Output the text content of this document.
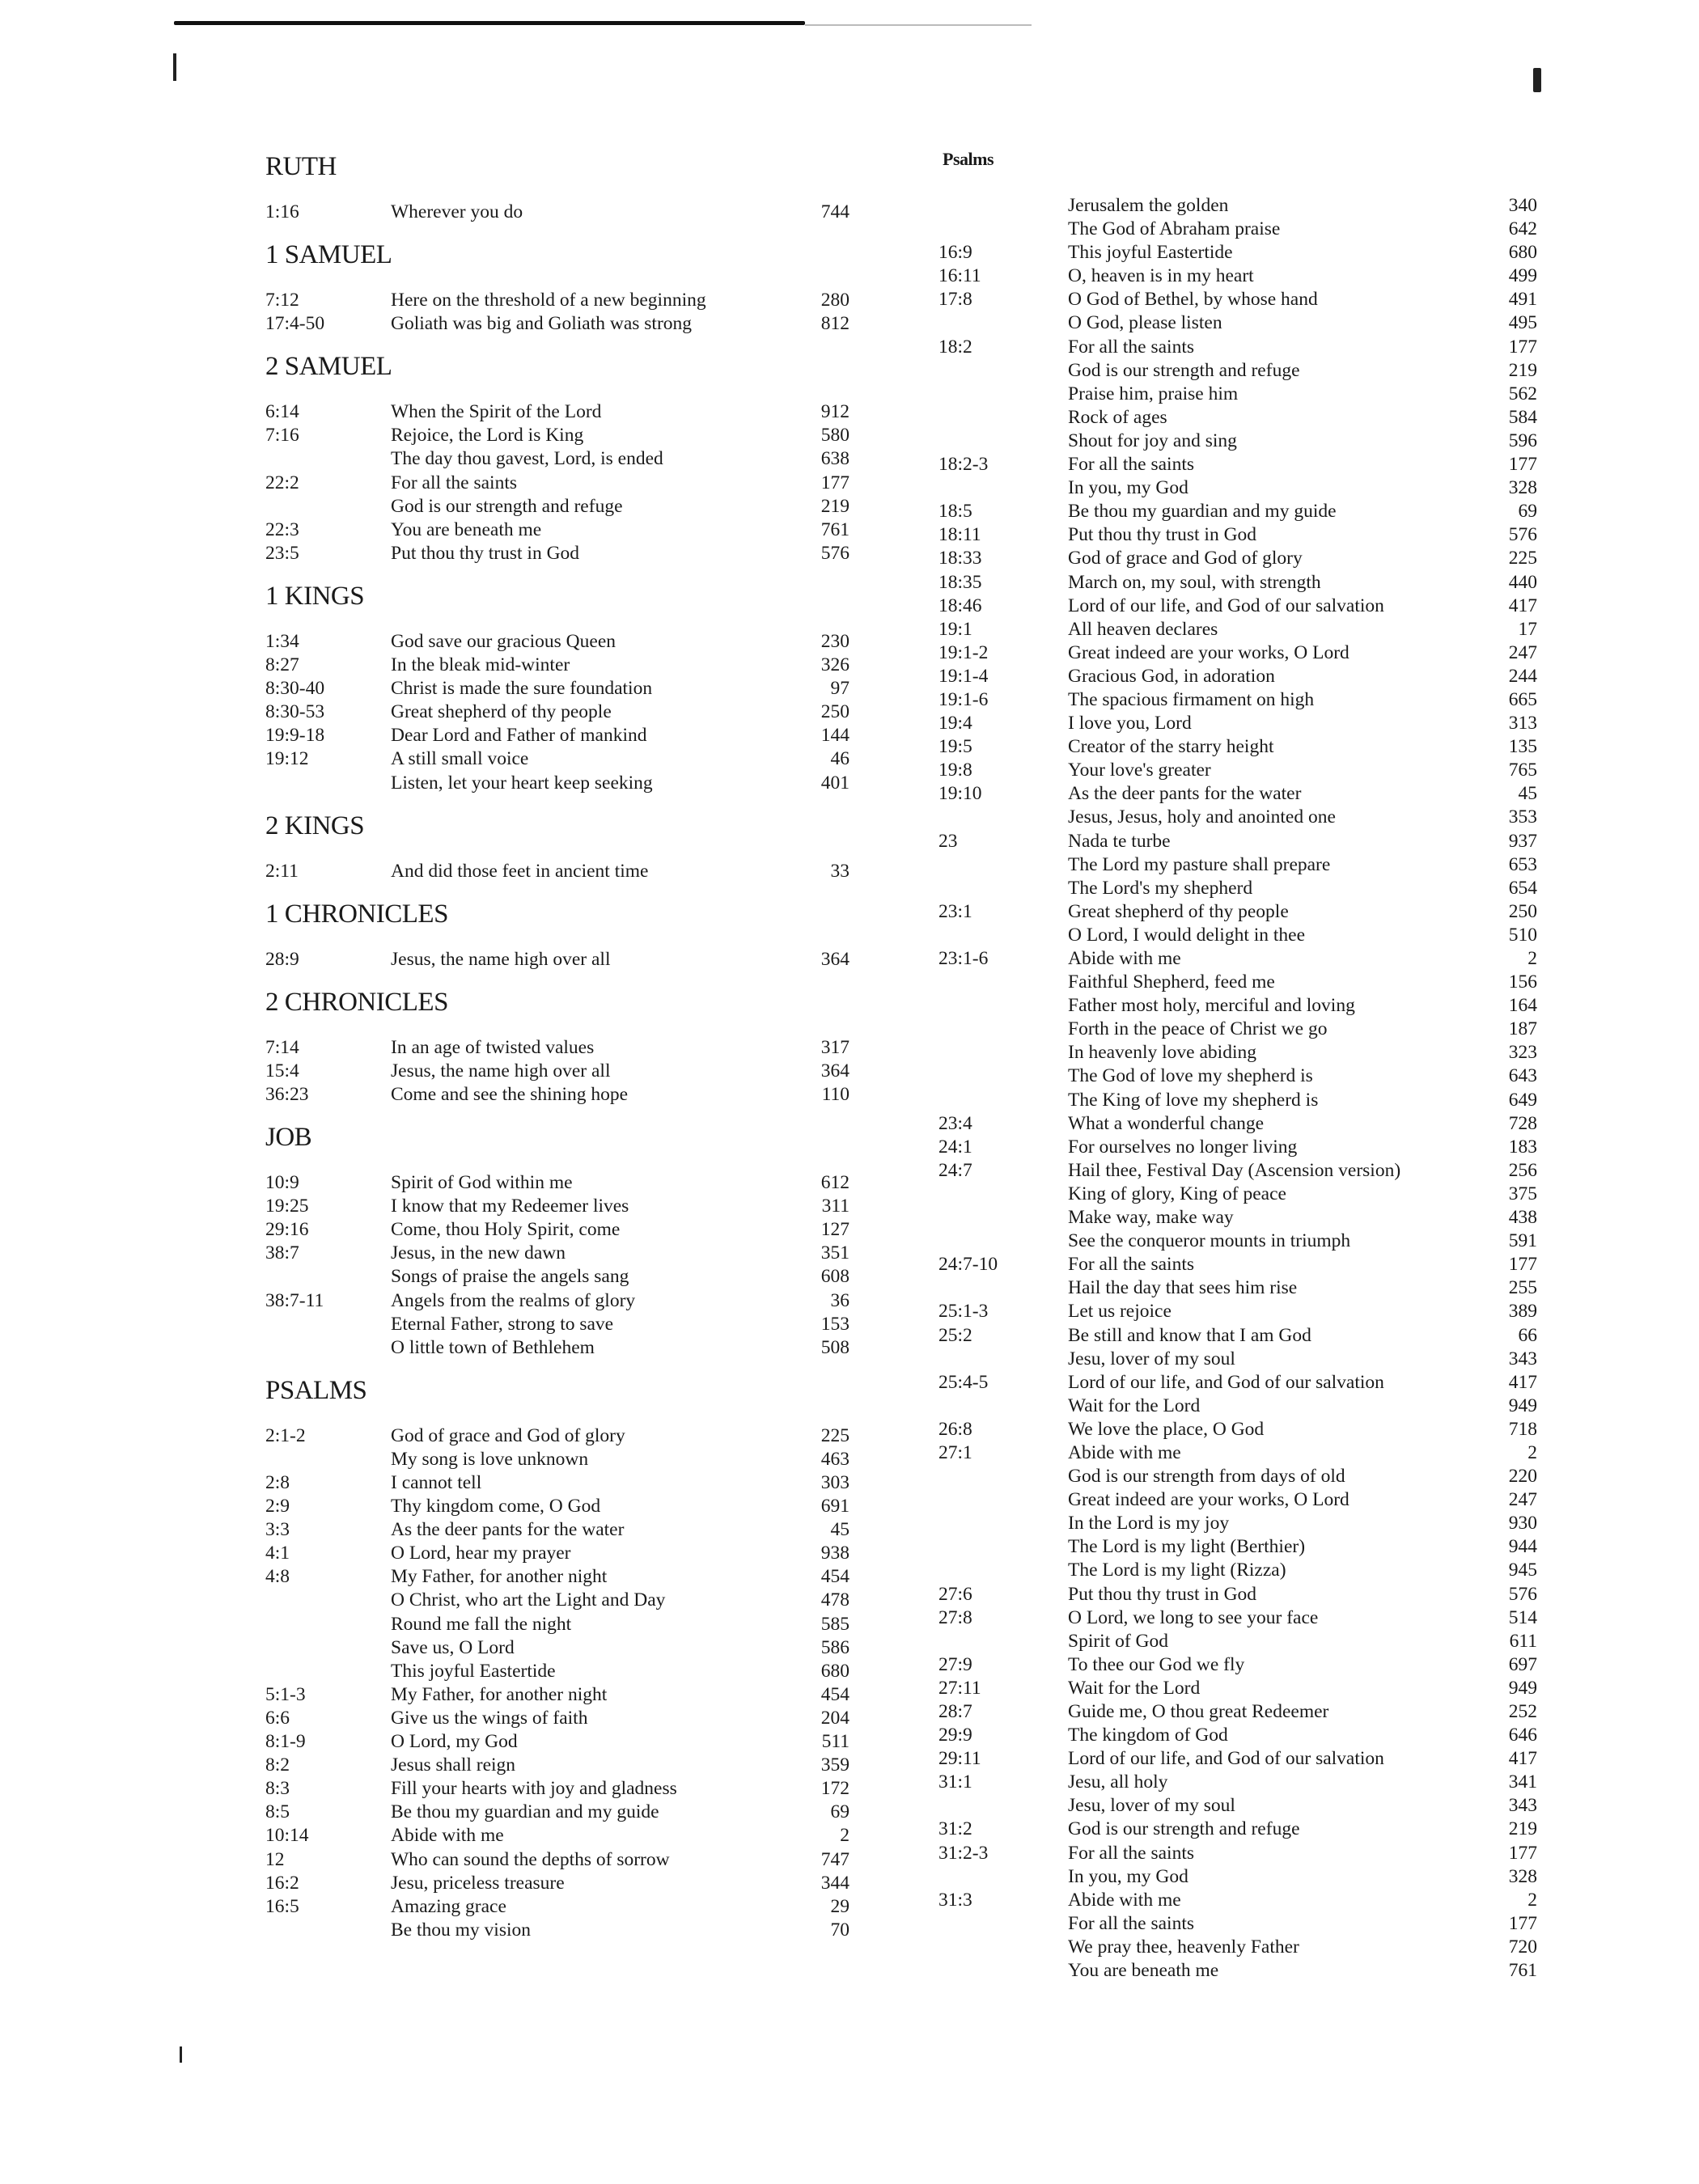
Psalms
RUTH
1:16	Wherever you do	744
1 SAMUEL
7:12	Here on the threshold of a new beginning	280
17:4-50	Goliath was big and Goliath was strong	812
2 SAMUEL
6:14	When the Spirit of the Lord	912
7:16	Rejoice, the Lord is King	580
The day thou gavest, Lord, is ended	638
22:2	For all the saints	177
God is our strength and refuge	219
22:3	You are beneath me	761
23:5	Put thou thy trust in God	576
1 KINGS
1:34	God save our gracious Queen	230
8:27	In the bleak mid-winter	326
8:30-40	Christ is made the sure foundation	97
8:30-53	Great shepherd of thy people	250
19:9-18	Dear Lord and Father of mankind	144
19:12	A still small voice	46
Listen, let your heart keep seeking	401
2 KINGS
2:11	And did those feet in ancient time	33
1 CHRONICLES
28:9	Jesus, the name high over all	364
2 CHRONICLES
7:14	In an age of twisted values	317
15:4	Jesus, the name high over all	364
36:23	Come and see the shining hope	110
JOB
10:9	Spirit of God within me	612
19:25	I know that my Redeemer lives	311
29:16	Come, thou Holy Spirit, come	127
38:7	Jesus, in the new dawn	351
Songs of praise the angels sang	608
38:7-11	Angels from the realms of glory	36
Eternal Father, strong to save	153
O little town of Bethlehem	508
PSALMS
2:1-2	God of grace and God of glory	225
My song is love unknown	463
2:8	I cannot tell	303
2:9	Thy kingdom come, O God	691
3:3	As the deer pants for the water	45
4:1	O Lord, hear my prayer	938
4:8	My Father, for another night	454
O Christ, who art the Light and Day	478
Round me fall the night	585
Save us, O Lord	586
This joyful Eastertide	680
5:1-3	My Father, for another night	454
6:6	Give us the wings of faith	204
8:1-9	O Lord, my God	511
8:2	Jesus shall reign	359
8:3	Fill your hearts with joy and gladness	172
8:5	Be thou my guardian and my guide	69
10:14	Abide with me	2
12	Who can sound the depths of sorrow	747
16:2	Jesu, priceless treasure	344
16:5	Amazing grace	29
Be thou my vision	70
Jerusalem the golden	340
The God of Abraham praise	642
16:9	This joyful Eastertide	680
16:11	O, heaven is in my heart	499
17:8	O God of Bethel, by whose hand	491
O God, please listen	495
18:2	For all the saints	177
God is our strength and refuge	219
Praise him, praise him	562
Rock of ages	584
Shout for joy and sing	596
18:2-3	For all the saints	177
In you, my God	328
18:5	Be thou my guardian and my guide	69
18:11	Put thou thy trust in God	576
18:33	God of grace and God of glory	225
18:35	March on, my soul, with strength	440
18:46	Lord of our life, and God of our salvation	417
19:1	All heaven declares	17
19:1-2	Great indeed are your works, O Lord	247
19:1-4	Gracious God, in adoration	244
19:1-6	The spacious firmament on high	665
19:4	I love you, Lord	313
19:5	Creator of the starry height	135
19:8	Your love's greater	765
19:10	As the deer pants for the water	45
Jesus, Jesus, holy and anointed one	353
23	Nada te turbe	937
The Lord my pasture shall prepare	653
The Lord's my shepherd	654
23:1	Great shepherd of thy people	250
O Lord, I would delight in thee	510
23:1-6	Abide with me	2
Faithful Shepherd, feed me	156
Father most holy, merciful and loving	164
Forth in the peace of Christ we go	187
In heavenly love abiding	323
The God of love my shepherd is	643
The King of love my shepherd is	649
23:4	What a wonderful change	728
24:1	For ourselves no longer living	183
24:7	Hail thee, Festival Day (Ascension version)	256
King of glory, King of peace	375
Make way, make way	438
See the conqueror mounts in triumph	591
24:7-10	For all the saints	177
Hail the day that sees him rise	255
25:1-3	Let us rejoice	389
25:2	Be still and know that I am God	66
Jesu, lover of my soul	343
25:4-5	Lord of our life, and God of our salvation	417
Wait for the Lord	949
26:8	We love the place, O God	718
27:1	Abide with me	2
God is our strength from days of old	220
Great indeed are your works, O Lord	247
In the Lord is my joy	930
The Lord is my light (Berthier)	944
The Lord is my light (Rizza)	945
27:6	Put thou thy trust in God	576
27:8	O Lord, we long to see your face	514
Spirit of God	611
27:9	To thee our God we fly	697
27:11	Wait for the Lord	949
28:7	Guide me, O thou great Redeemer	252
29:9	The kingdom of God	646
29:11	Lord of our life, and God of our salvation	417
31:1	Jesu, all holy	341
Jesu, lover of my soul	343
31:2	God is our strength and refuge	219
31:2-3	For all the saints	177
In you, my God	328
31:3	Abide with me	2
For all the saints	177
We pray thee, heavenly Father	720
You are beneath me	761
